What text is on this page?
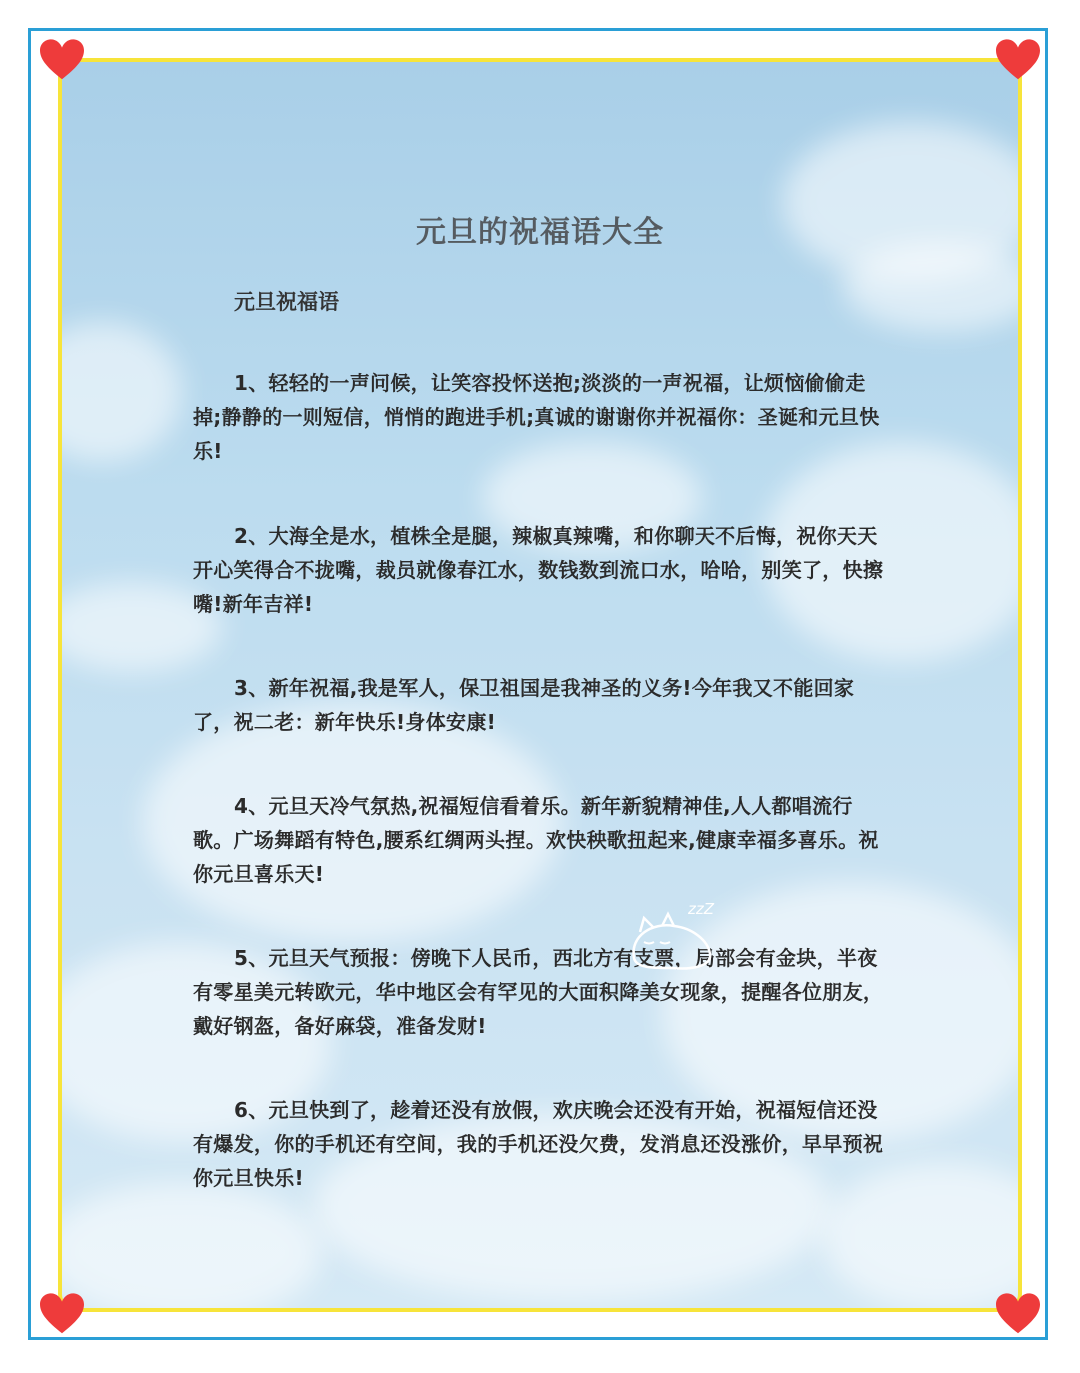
元旦的祝福语大全
元旦祝福语
1、轻轻的一声问候，让笑容投怀送抱;淡淡的一声祝福，让烦恼偷偷走掉;静静的一则短信，悄悄的跑进手机;真诚的谢谢你并祝福你：圣诞和元旦快乐!
2、大海全是水，植株全是腿，辣椒真辣嘴，和你聊天不后悔，祝你天天开心笑得合不拢嘴，裁员就像春江水，数钱数到流口水，哈哈，别笑了，快擦嘴!新年吉祥!
3、新年祝福,我是军人，保卫祖国是我神圣的义务!今年我又不能回家了，祝二老：新年快乐!身体安康!
4、元旦天冷气氛热,祝福短信看着乐。新年新貌精神佳,人人都唱流行歌。广场舞蹈有特色,腰系红绸两头捏。欢快秧歌扭起来,健康幸福多喜乐。祝你元旦喜乐天!
5、元旦天气预报：傍晚下人民币，西北方有支票，局部会有金块，半夜有零星美元转欧元，华中地区会有罕见的大面积降美女现象，提醒各位朋友，戴好钢盔，备好麻袋，准备发财!
6、元旦快到了，趁着还没有放假，欢庆晚会还没有开始，祝福短信还没有爆发，你的手机还有空间，我的手机还没欠费，发消息还没涨价，早早预祝你元旦快乐!
zzZ
